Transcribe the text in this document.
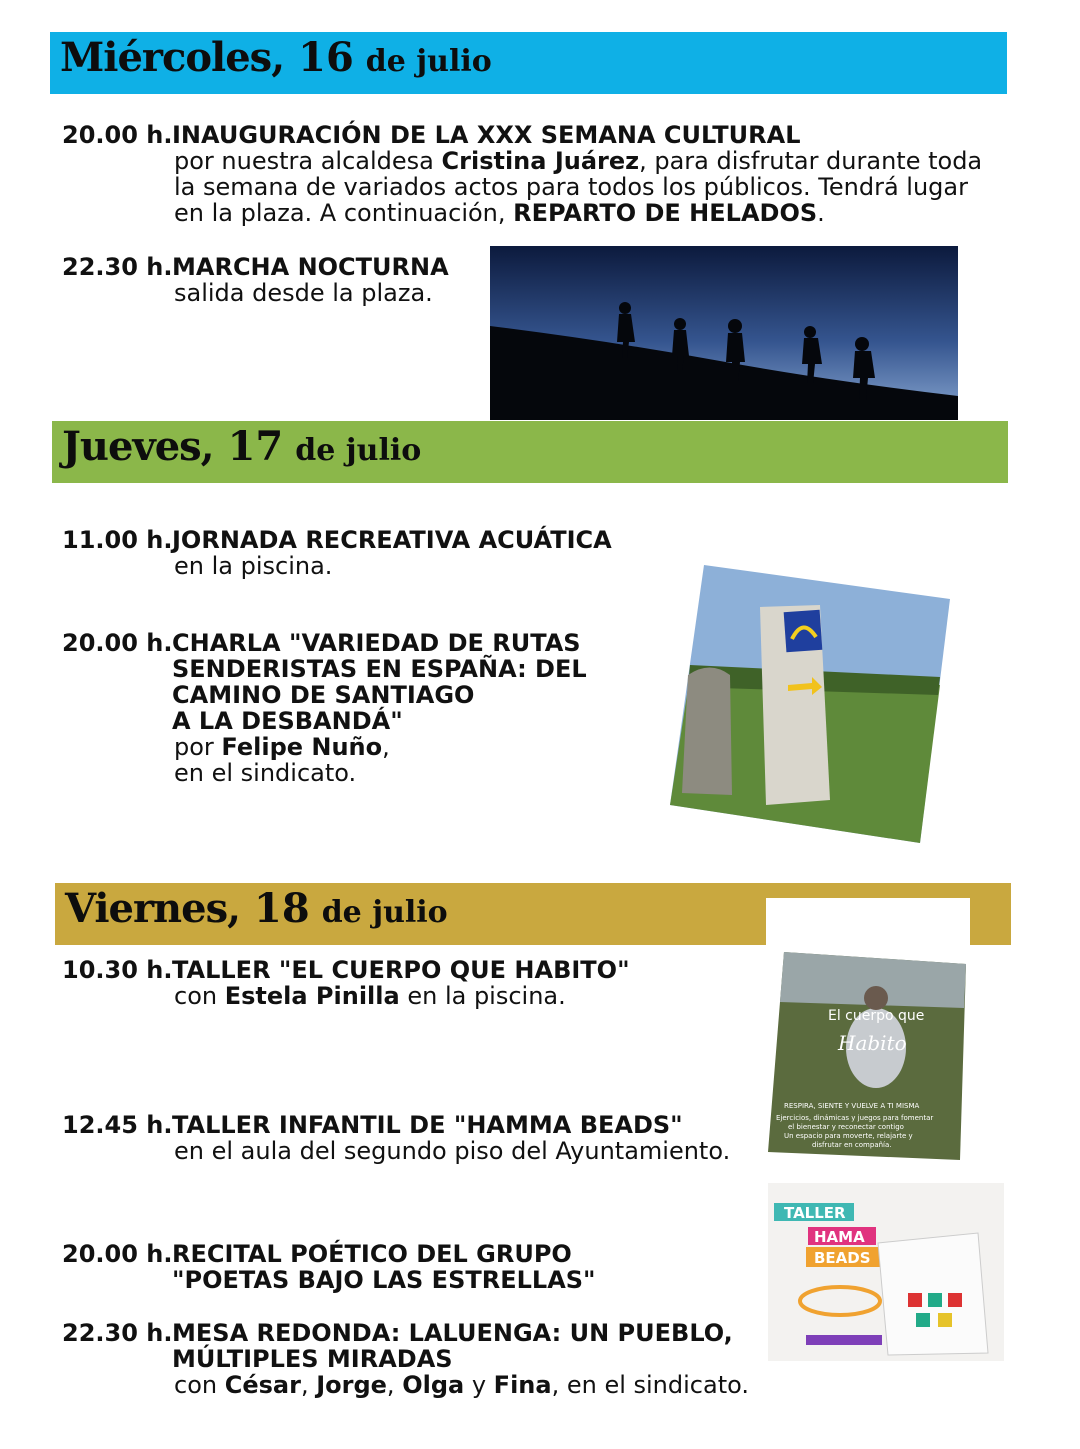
Miércoles, 16 de julio
20.00 h.INAUGURACIÓN DE LA XXX SEMANA CULTURAL
por nuestra alcaldesa Cristina Juárez, para disfrutar durante toda
la semana de variados actos para todos los públicos. Tendrá lugar
en la plaza. A continuación, REPARTO DE HELADOS.
22.30 h.MARCHA NOCTURNA
salida desde la plaza.
Jueves, 17 de julio
11.00 h.JORNADA RECREATIVA ACUÁTICA
en la piscina.
20.00 h.CHARLA "VARIEDAD DE RUTAS
SENDERISTAS EN ESPAÑA: DEL
CAMINO DE SANTIAGO
A LA DESBANDÁ"
por Felipe Nuño,
en el sindicato.
Viernes, 18 de julio
El cuerpo que
Habito
RESPIRA, SIENTE Y VUELVE A TI MISMA
Ejercicios, dinámicas y juegos para fomentar
el bienestar y reconectar contigo
Un espacio para moverte, relajarte y
disfrutar en compañía.
10.30 h.TALLER "EL CUERPO QUE HABITO"
con Estela Pinilla en la piscina.
12.45 h.TALLER INFANTIL DE "HAMMA BEADS"
en el aula del segundo piso del Ayuntamiento.
TALLER
HAMA
BEADS
20.00 h.RECITAL POÉTICO DEL GRUPO
"POETAS BAJO LAS ESTRELLAS"
22.30 h.MESA REDONDA: LALUENGA: UN PUEBLO,
MÚLTIPLES MIRADAS
con César, Jorge, Olga y Fina, en el sindicato.
